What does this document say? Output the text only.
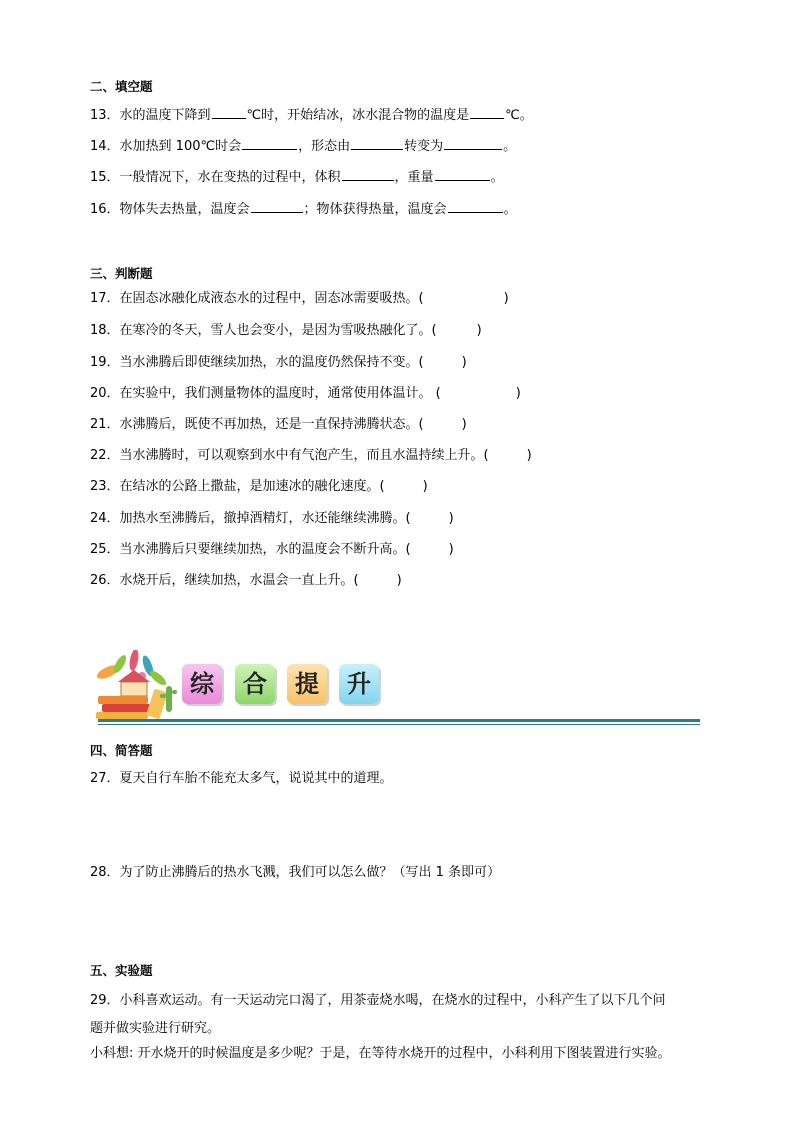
二、填空题
13．水的温度下降到	℃时，开始结冰，冰水混合物的温度是	℃。
14．水加热到 100℃时会	，形态由	转变为	。
15．一般情况下，水在变热的过程中，体积	，重量	。
16．物体失去热量，温度会	；物体获得热量，温度会	。
三、判断题
17．在固态冰融化成液态水的过程中，固态冰需要吸热。(	)
18．在寒冷的冬天，雪人也会变小，是因为雪吸热融化了。(	)
19．当水沸腾后即使继续加热，水的温度仍然保持不变。(	)
20．在实验中，我们测量物体的温度时，通常使用体温计。 (	)
21．水沸腾后，既使不再加热，还是一直保持沸腾状态。(	)
22．当水沸腾时，可以观察到水中有气泡产生，而且水温持续上升。(	)
23．在结冰的公路上撒盐，是加速冰的融化速度。(	)
24．加热水至沸腾后，撤掉酒精灯，水还能继续沸腾。(	)
25．当水沸腾后只要继续加热，水的温度会不断升高。(	)
26．水烧开后，继续加热，水温会一直上升。(	)
综	合	提	升
四、简答题
27．夏天自行车胎不能充太多气，说说其中的道理。
28．为了防止沸腾后的热水飞溅，我们可以怎么做？（写出 1 条即可）
五、实验题
29．小科喜欢运动。有一天运动完口渴了，用茶壶烧水喝，在烧水的过程中，小科产生了以下几个问
题并做实验进行研究。
小科想: 开水烧开的时候温度是多少呢？于是，在等待水烧开的过程中，小科利用下图装置进行实验。
